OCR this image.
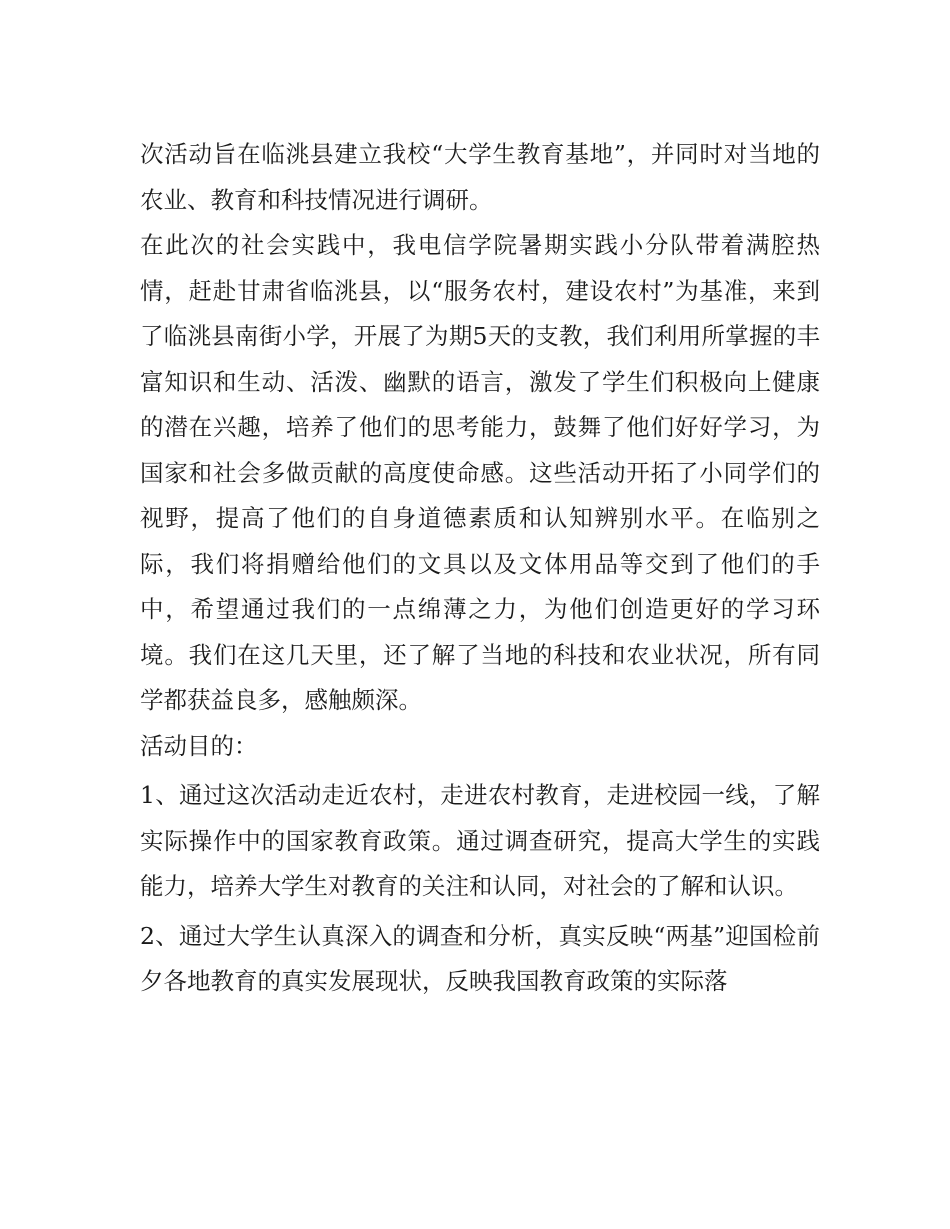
次活动旨在临洮县建立我校“大学生教育基地”，并同时对当地的农业、教育和科技情况进行调研。

在此次的社会实践中，我电信学院暑期实践小分队带着满腔热情，赶赴甘肃省临洮县，以“服务农村，建设农村”为基准，来到了临洮县南街小学，开展了为期5天的支教，我们利用所掌握的丰富知识和生动、活泼、幽默的语言，激发了学生们积极向上健康的潜在兴趣，培养了他们的思考能力，鼓舞了他们好好学习，为国家和社会多做贡献的高度使命感。这些活动开拓了小同学们的视野，提高了他们的自身道德素质和认知辨别水平。在临别之际，我们将捐赠给他们的文具以及文体用品等交到了他们的手中，希望通过我们的一点绵薄之力，为他们创造更好的学习环境。我们在这几天里，还了解了当地的科技和农业状况，所有同学都获益良多，感触颇深。

活动目的：

1、通过这次活动走近农村，走进农村教育，走进校园一线，了解实际操作中的国家教育政策。通过调查研究，提高大学生的实践能力，培养大学生对教育的关注和认同，对社会的了解和认识。

2、通过大学生认真深入的调查和分析，真实反映“两基”迎国检前夕各地教育的真实发展现状，反映我国教育政策的实际落
